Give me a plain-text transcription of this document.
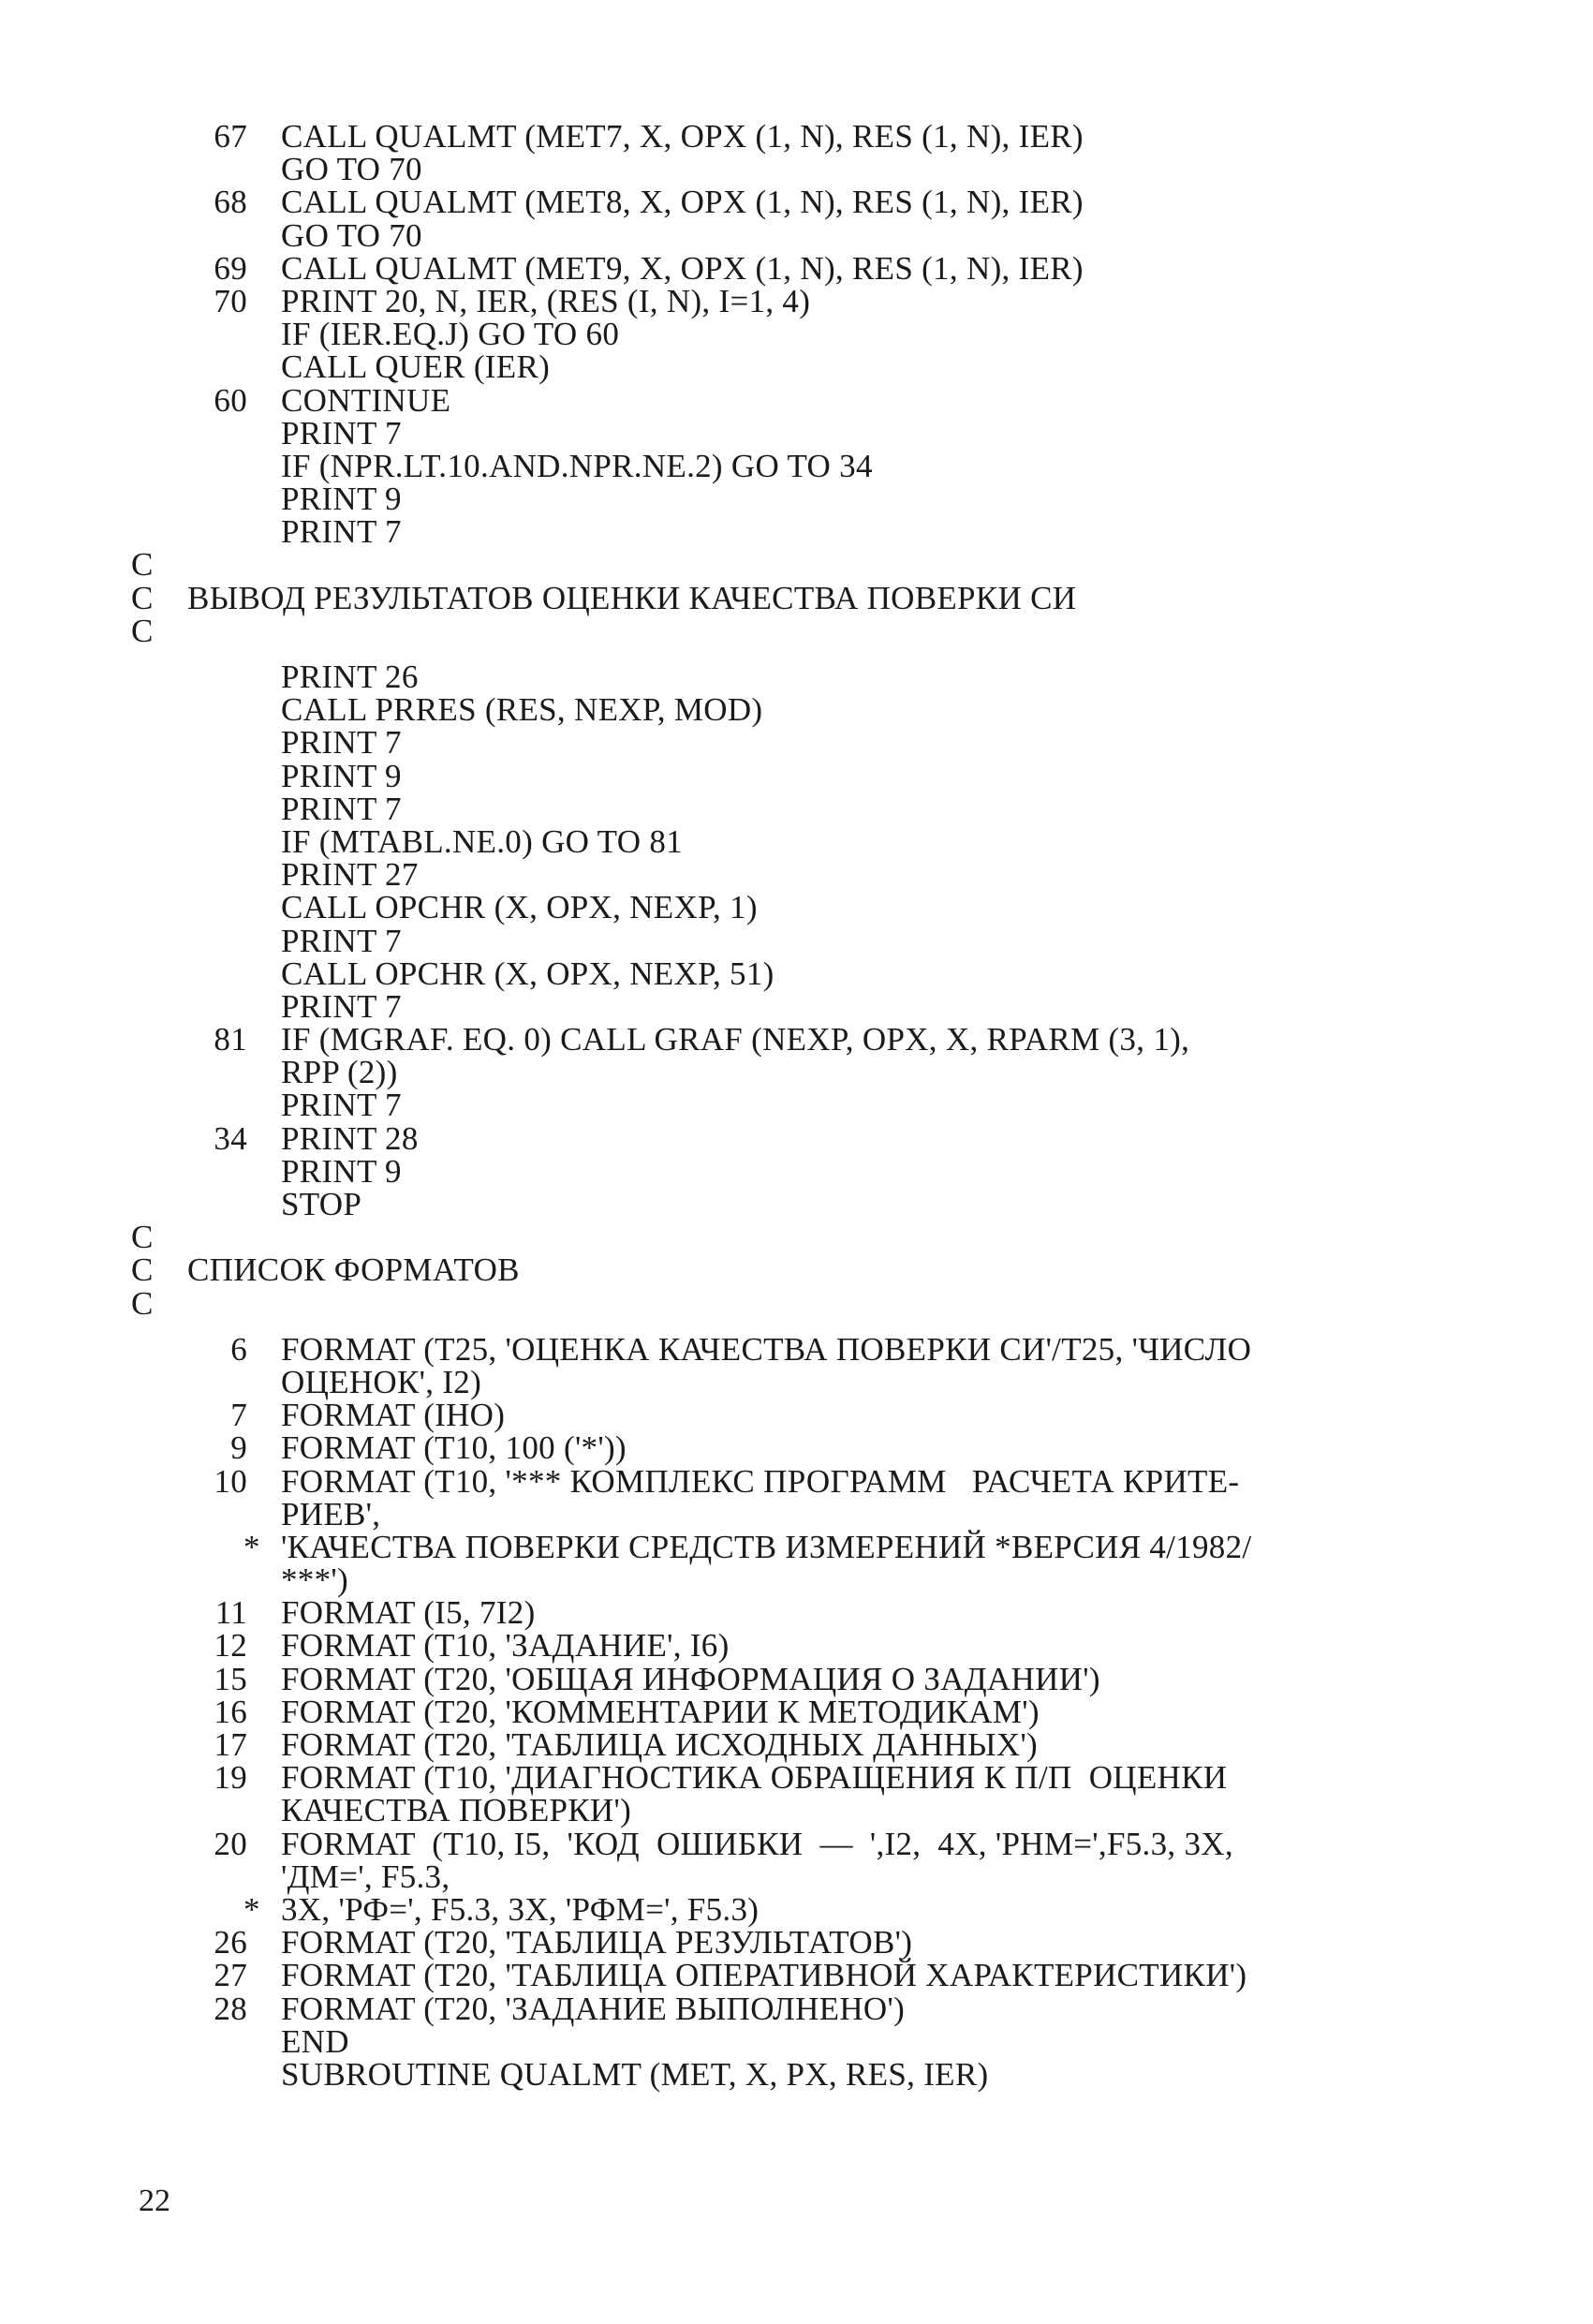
67 CALL QUALMT (MET7, X, OPX (1, N), RES (1, N), IER)
GO TO 70
68 CALL QUALMT (MET8, X, OPX (1, N), RES (1, N), IER)
GO TO 70
69 CALL QUALMT (MET9, X, OPX (1, N), RES (1, N), IER)
70 PRINT 20, N, IER, (RES (I, N), I=1, 4)
IF (IER.EQ.J) GO TO 60
CALL QUER (IER)
60 CONTINUE
PRINT 7
IF (NPR.LT.10.AND.NPR.NE.2) GO TO 34
PRINT 9
PRINT 7
C
C ВЫВОД РЕЗУЛЬТАТОВ ОЦЕНКИ КАЧЕСТВА ПОВЕРКИ СИ
C
PRINT 26
CALL PRRES (RES, NEXP, MOD)
PRINT 7
PRINT 9
PRINT 7
IF (MTABL.NE.0) GO TO 81
PRINT 27
CALL OPCHR (X, OPX, NEXP, 1)
PRINT 7
CALL OPCHR (X, OPX, NEXP, 51)
PRINT 7
81 IF (MGRAF. EQ. 0) CALL GRAF (NEXP, OPX, X, RPARM (3, 1),
RPP (2))
PRINT 7
34 PRINT 28
PRINT 9
STOP
C
C СПИСОК ФОРМАТОВ
C
6 FORMAT (T25, 'ОЦЕНКА КАЧЕСТВА ПОВЕРКИ СИ'/T25, 'ЧИСЛО
ОЦЕНОК', I2)
7 FORMAT (IHO)
9 FORMAT (T10, 100 ('*'))
10 FORMAT (T10, '*** КОМПЛЕКС ПРОГРАММ   РАСЧЕТА КРИТЕ-
РИЕВ',
* 'КАЧЕСТВА ПОВЕРКИ СРЕДСТВ ИЗМЕРЕНИЙ *ВЕРСИЯ 4/1982/
***')
11 FORMAT (I5, 7I2)
12 FORMAT (T10, 'ЗАДАНИЕ', I6)
15 FORMAT (T20, 'ОБЩАЯ ИНФОРМАЦИЯ О ЗАДАНИИ')
16 FORMAT (T20, 'КОММЕНТАРИИ К МЕТОДИКАМ')
17 FORMAT (T20, 'ТАБЛИЦА ИСХОДНЫХ ДАННЫХ')
19 FORMAT (T10, 'ДИАГНОСТИКА ОБРАЩЕНИЯ К П/П  ОЦЕНКИ
КАЧЕСТВА ПОВЕРКИ')
20 FORMAT  (T10, I5,  'КОД  ОШИБКИ  —  ',I2,  4X, 'PHM=',F5.3, 3X,
'ДМ=', F5.3,
* 3X, 'РФ=', F5.3, 3X, 'РФМ=', F5.3)
26 FORMAT (T20, 'ТАБЛИЦА РЕЗУЛЬТАТОВ')
27 FORMAT (T20, 'ТАБЛИЦА ОПЕРАТИВНОЙ ХАРАКТЕРИСТИКИ')
28 FORMAT (T20, 'ЗАДАНИЕ ВЫПОЛНЕНО')
END
SUBROUTINE QUALMT (MET, X, PX, RES, IER)
22
